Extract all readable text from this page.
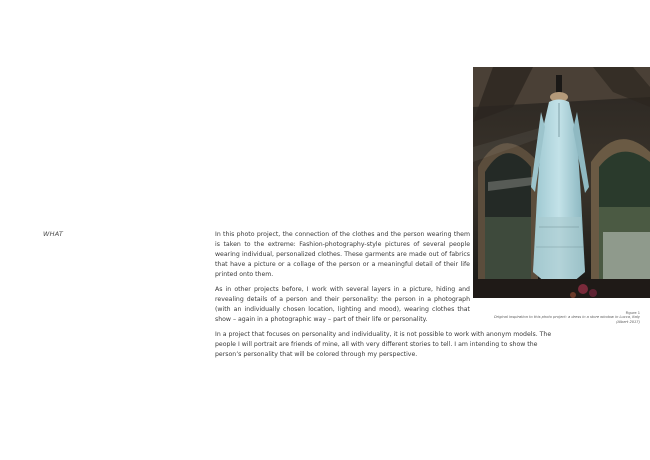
WHAT	In this photo project, the connection of the clothes and the person wearing them is taken to the extreme: Fashion-photography-style pictures of several people wearing individual, personalized clothes. These garments are made out of fabrics that have a picture or a collage of the person or a meaningful detail of their life printed onto them.

As in other projects before, I work with several layers in a picture, hiding and revealing details of a person and their personality: the person in a photograph (with an individually chosen location, lighting and mood), wearing clothes that show – again in a photographic way – part of their life or personality.

In a project that focuses on personality and individuality, it is not possible to work with anonym models. The people I will portrait are friends of mine, all with very different stories to tell. I am intending to show the person’s personality that will be colored through my perspective.

Figure 1
Original inspiration to this photo project: a dress in a store window in Lucca, Italy (Albert 2017)
